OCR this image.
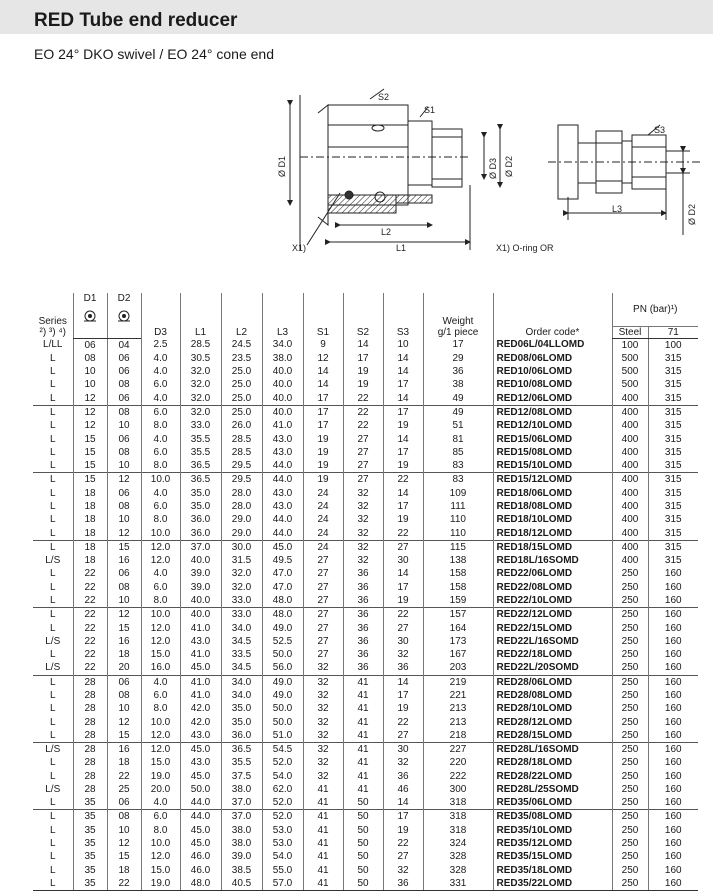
RED Tube end reducer
EO 24° DKO swivel / EO 24° cone end
S2
S1
S3
Ø D1	Ø D3 Ø D2
Ø D2
L2
L1
L3
X1)	X1) O-ring OR
Series
²) ³) ⁴)	D1	D2	D3	L1	L2	L3	S1	S2	S3	Weight
g/1 piece	Order code*	PN (bar)¹)	

												Steel	71
L/LL	06	04	2.5	28.5	24.5	34.0	9	14	10	17	RED06L/04LLOMD	100	100
L	08	06	4.0	30.5	23.5	38.0	12	17	14	29	RED08/06LOMD	500	315
L	10	06	4.0	32.0	25.0	40.0	14	19	14	36	RED10/06LOMD	500	315
L	10	08	6.0	32.0	25.0	40.0	14	19	17	38	RED10/08LOMD	500	315
L	12	06	4.0	32.0	25.0	40.0	17	22	14	49	RED12/06LOMD	400	315
L	12	08	6.0	32.0	25.0	40.0	17	22	17	49	RED12/08LOMD	400	315
L	12	10	8.0	33.0	26.0	41.0	17	22	19	51	RED12/10LOMD	400	315
L	15	06	4.0	35.5	28.5	43.0	19	27	14	81	RED15/06LOMD	400	315
L	15	08	6.0	35.5	28.5	43.0	19	27	17	85	RED15/08LOMD	400	315
L	15	10	8.0	36.5	29.5	44.0	19	27	19	83	RED15/10LOMD	400	315
L	15	12	10.0	36.5	29.5	44.0	19	27	22	83	RED15/12LOMD	400	315
L	18	06	4.0	35.0	28.0	43.0	24	32	14	109	RED18/06LOMD	400	315
L	18	08	6.0	35.0	28.0	43.0	24	32	17	111	RED18/08LOMD	400	315
L	18	10	8.0	36.0	29.0	44.0	24	32	19	110	RED18/10LOMD	400	315
L	18	12	10.0	36.0	29.0	44.0	24	32	22	110	RED18/12LOMD	400	315
L	18	15	12.0	37.0	30.0	45.0	24	32	27	115	RED18/15LOMD	400	315
L/S	18	16	12.0	40.0	31.5	49.5	27	32	30	138	RED18L/16SOMD	400	315
L	22	06	4.0	39.0	32.0	47.0	27	36	14	158	RED22/06LOMD	250	160
L	22	08	6.0	39.0	32.0	47.0	27	36	17	158	RED22/08LOMD	250	160
L	22	10	8.0	40.0	33.0	48.0	27	36	19	159	RED22/10LOMD	250	160
L	22	12	10.0	40.0	33.0	48.0	27	36	22	157	RED22/12LOMD	250	160
L	22	15	12.0	41.0	34.0	49.0	27	36	27	164	RED22/15LOMD	250	160
L/S	22	16	12.0	43.0	34.5	52.5	27	36	30	173	RED22L/16SOMD	250	160
L	22	18	15.0	41.0	33.5	50.0	27	36	32	167	RED22/18LOMD	250	160
L/S	22	20	16.0	45.0	34.5	56.0	32	36	36	203	RED22L/20SOMD	250	160
L	28	06	4.0	41.0	34.0	49.0	32	41	14	219	RED28/06LOMD	250	160
L	28	08	6.0	41.0	34.0	49.0	32	41	17	221	RED28/08LOMD	250	160
L	28	10	8.0	42.0	35.0	50.0	32	41	19	213	RED28/10LOMD	250	160
L	28	12	10.0	42.0	35.0	50.0	32	41	22	213	RED28/12LOMD	250	160
L	28	15	12.0	43.0	36.0	51.0	32	41	27	218	RED28/15LOMD	250	160
L/S	28	16	12.0	45.0	36.5	54.5	32	41	30	227	RED28L/16SOMD	250	160
L	28	18	15.0	43.0	35.5	52.0	32	41	32	220	RED28/18LOMD	250	160
L	28	22	19.0	45.0	37.5	54.0	32	41	36	222	RED28/22LOMD	250	160
L/S	28	25	20.0	50.0	38.0	62.0	41	41	46	300	RED28L/25SOMD	250	160
L	35	06	4.0	44.0	37.0	52.0	41	50	14	318	RED35/06LOMD	250	160
L	35	08	6.0	44.0	37.0	52.0	41	50	17	318	RED35/08LOMD	250	160
L	35	10	8.0	45.0	38.0	53.0	41	50	19	318	RED35/10LOMD	250	160
L	35	12	10.0	45.0	38.0	53.0	41	50	22	324	RED35/12LOMD	250	160
L	35	15	12.0	46.0	39.0	54.0	41	50	27	328	RED35/15LOMD	250	160
L	35	18	15.0	46.0	38.5	55.0	41	50	32	328	RED35/18LOMD	250	160
L	35	22	19.0	48.0	40.5	57.0	41	50	36	331	RED35/22LOMD	250	160
